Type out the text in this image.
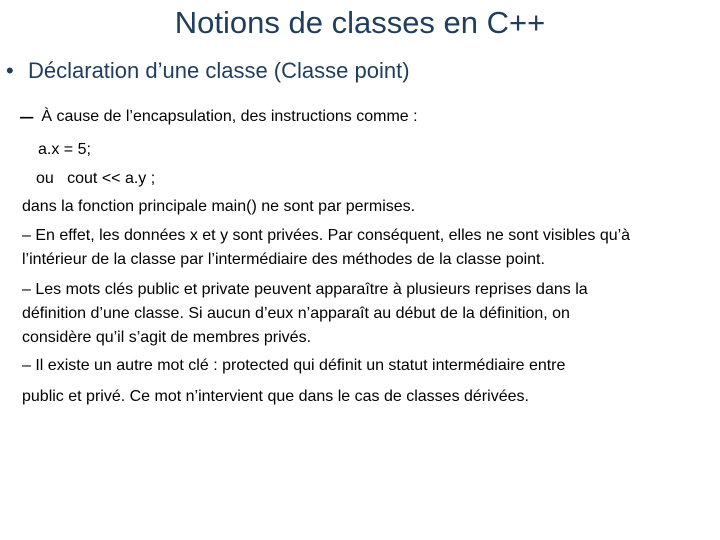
Notions de classes en C++
• Déclaration d’une classe (Classe point)
– À cause de l’encapsulation, des instructions comme :
a.x = 5;
ou   cout << a.y ;
dans la fonction principale main() ne sont par permises.
– En effet, les données x et y sont privées. Par conséquent, elles ne sont visibles qu’à
l’intérieur de la classe par l’intermédiaire des méthodes de la classe point.
– Les mots clés public et private peuvent apparaître à plusieurs reprises dans la
définition d’une classe. Si aucun d’eux n’apparaît au début de la définition, on
considère qu’il s’agit de membres privés.
– Il existe un autre mot clé : protected qui définit un statut intermédiaire entre
public et privé. Ce mot n’intervient que dans le cas de classes dérivées.
